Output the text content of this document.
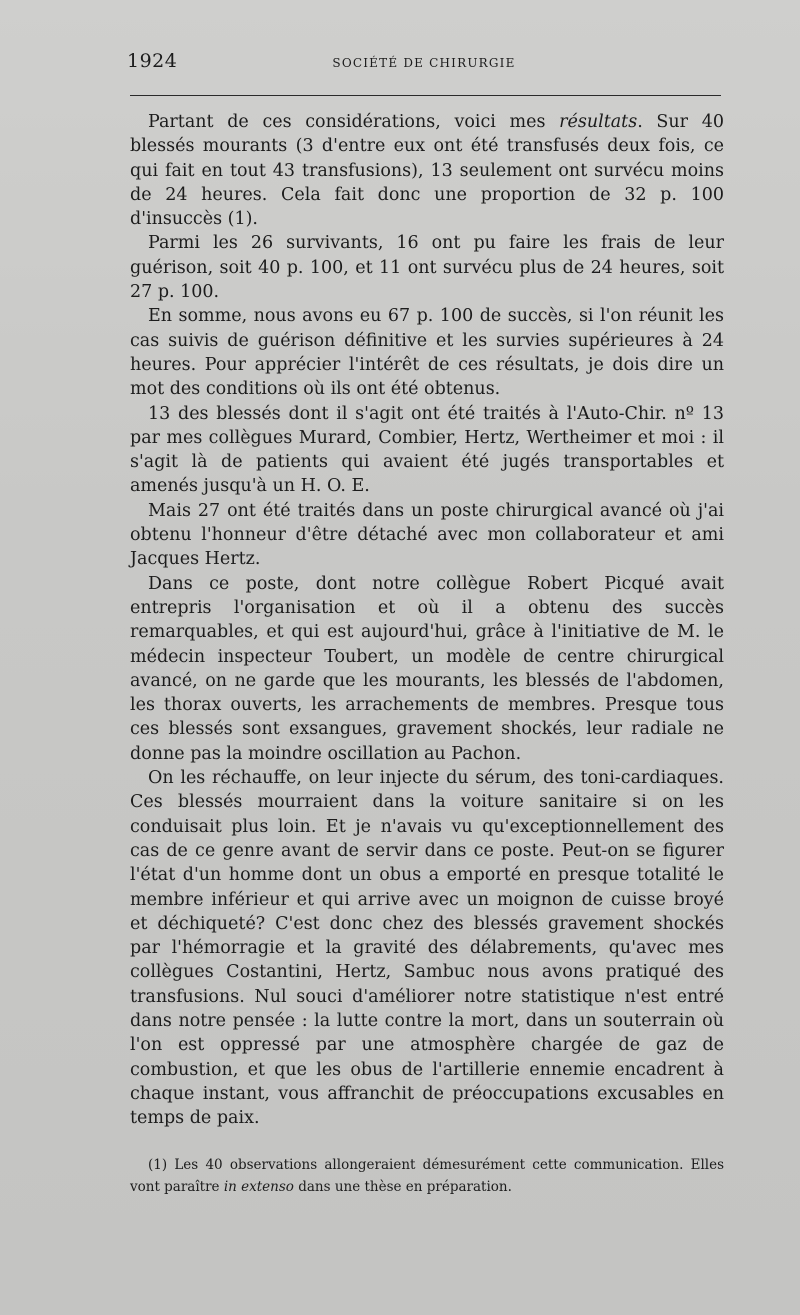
1924	SOCIÉTÉ DE CHIRURGIE

Partant de ces considérations, voici mes résultats. Sur 40 blessés mourants (3 d'entre eux ont été transfusés deux fois, ce qui fait en tout 43 transfusions), 13 seulement ont survécu moins de 24 heures. Cela fait donc une proportion de 32 p. 100 d'insuccès (1).

Parmi les 26 survivants, 16 ont pu faire les frais de leur guérison, soit 40 p. 100, et 11 ont survécu plus de 24 heures, soit 27 p. 100.

En somme, nous avons eu 67 p. 100 de succès, si l'on réunit les cas suivis de guérison définitive et les survies supérieures à 24 heures. Pour apprécier l'intérêt de ces résultats, je dois dire un mot des conditions où ils ont été obtenus.

13 des blessés dont il s'agit ont été traités à l'Auto-Chir. nº 13 par mes collègues Murard, Combier, Hertz, Wertheimer et moi : il s'agit là de patients qui avaient été jugés transportables et amenés jusqu'à un H. O. E.

Mais 27 ont été traités dans un poste chirurgical avancé où j'ai obtenu l'honneur d'être détaché avec mon collaborateur et ami Jacques Hertz.

Dans ce poste, dont notre collègue Robert Picqué avait entrepris l'organisation et où il a obtenu des succès remarquables, et qui est aujourd'hui, grâce à l'initiative de M. le médecin inspecteur Toubert, un modèle de centre chirurgical avancé, on ne garde que les mourants, les blessés de l'abdomen, les thorax ouverts, les arrachements de membres. Presque tous ces blessés sont exsangues, gravement shockés, leur radiale ne donne pas la moindre oscillation au Pachon.

On les réchauffe, on leur injecte du sérum, des toni-cardiaques. Ces blessés mourraient dans la voiture sanitaire si on les conduisait plus loin. Et je n'avais vu qu'exceptionnellement des cas de ce genre avant de servir dans ce poste. Peut-on se figurer l'état d'un homme dont un obus a emporté en presque totalité le membre inférieur et qui arrive avec un moignon de cuisse broyé et déchiqueté? C'est donc chez des blessés gravement shockés par l'hémorragie et la gravité des délabrements, qu'avec mes collègues Costantini, Hertz, Sambuc nous avons pratiqué des transfusions. Nul souci d'améliorer notre statistique n'est entré dans notre pensée : la lutte contre la mort, dans un souterrain où l'on est oppressé par une atmosphère chargée de gaz de combustion, et que les obus de l'artillerie ennemie encadrent à chaque instant, vous affranchit de préoccupations excusables en temps de paix.

(1) Les 40 observations allongeraient démesurément cette communication. Elles vont paraître in extenso dans une thèse en préparation.
